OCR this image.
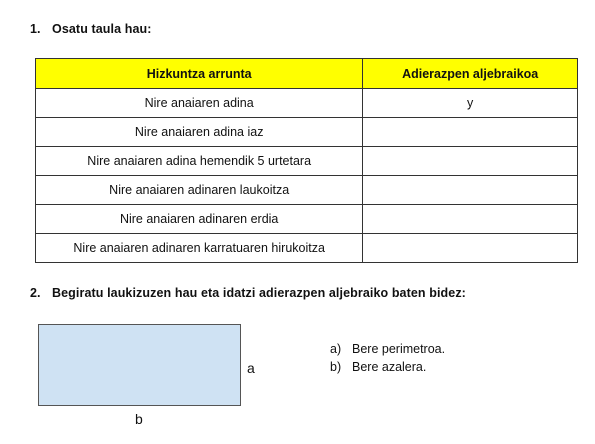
1. Osatu taula hau:
Hizkuntza arrunta	Adierazpen aljebraikoa
Nire anaiaren adina	y
Nire anaiaren adina iaz	
Nire anaiaren adina hemendik 5 urtetara	
Nire anaiaren adinaren laukoitza	
Nire anaiaren adinaren erdia	
Nire anaiaren adinaren karratuaren hirukoitza	
2. Begiratu laukizuzen hau eta idatzi adierazpen aljebraiko baten bidez:
a
b
a) Bere perimetroa.
b) Bere azalera.
